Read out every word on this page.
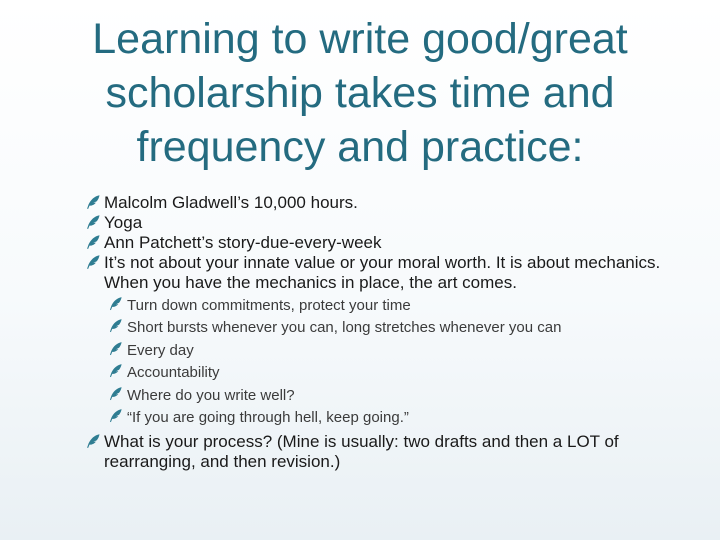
Learning to write good/great
scholarship takes time and
frequency and practice:
Malcolm Gladwell’s 10,000 hours.
Yoga
Ann Patchett’s story-due-every-week
It’s not about your innate value or your moral worth. It is about mechanics. When you have the mechanics in place, the art comes.
Turn down commitments, protect your time
Short bursts whenever you can, long stretches whenever you can
Every day
Accountability
Where do you write well?
“If you are going through hell, keep going.”
What is your process? (Mine is usually: two drafts and then a LOT of rearranging, and then revision.)
